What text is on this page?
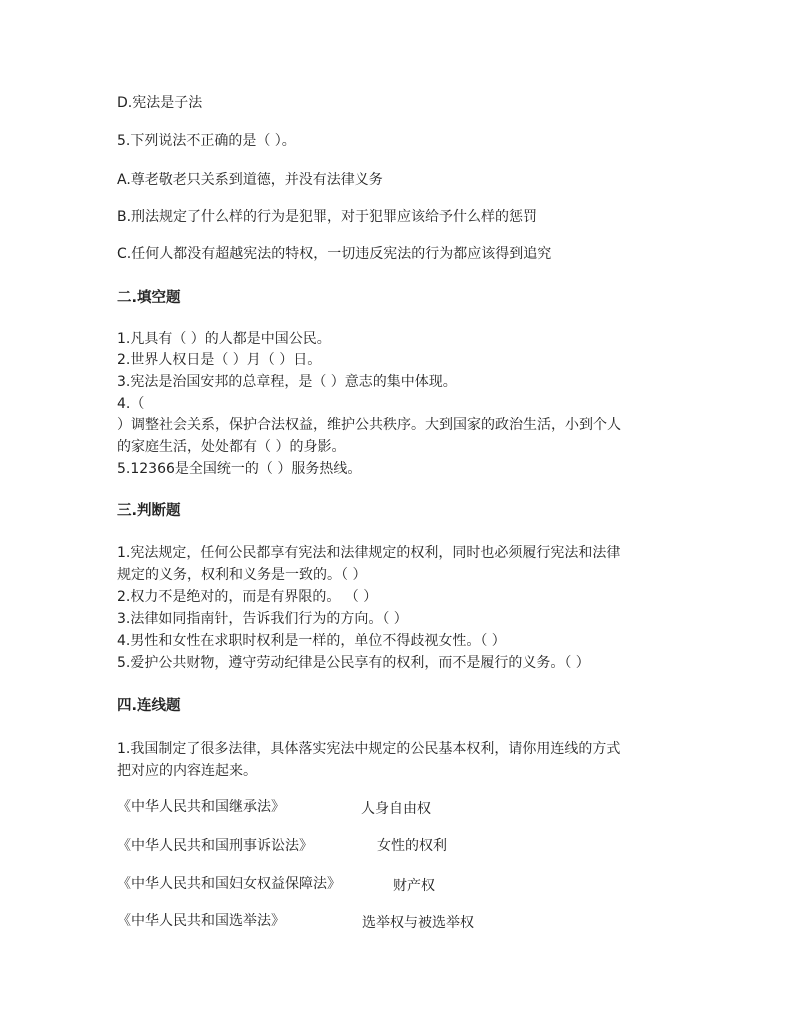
D.宪法是子法
5.下列说法不正确的是（ ）。
A.尊老敬老只关系到道德，并没有法律义务
B.刑法规定了什么样的行为是犯罪，对于犯罪应该给予什么样的惩罚
C.任何人都没有超越宪法的特权，一切违反宪法的行为都应该得到追究
二.填空题
1.凡具有（ ）的人都是中国公民。
2.世界人权日是（ ）月（ ）日。
3.宪法是治国安邦的总章程，是（ ）意志的集中体现。
4.（
）调整社会关系，保护合法权益，维护公共秩序。大到国家的政治生活，小到个人
的家庭生活，处处都有（ ）的身影。
5.12366是全国统一的（ ）服务热线。
三.判断题
1.宪法规定，任何公民都享有宪法和法律规定的权利，同时也必须履行宪法和法律
规定的义务，权利和义务是一致的。（ ）
2.权力不是绝对的，而是有界限的。 （ ）
3.法律如同指南针，告诉我们行为的方向。（ ）
4.男性和女性在求职时权利是一样的，单位不得歧视女性。（ ）
5.爱护公共财物，遵守劳动纪律是公民享有的权利，而不是履行的义务。（ ）
四.连线题
1.我国制定了很多法律，具体落实宪法中规定的公民基本权利，请你用连线的方式
把对应的内容连起来。
《中华人民共和国继承法》	人身自由权
《中华人民共和国刑事诉讼法》	女性的权利
《中华人民共和国妇女权益保障法》	财产权
《中华人民共和国选举法》	选举权与被选举权
